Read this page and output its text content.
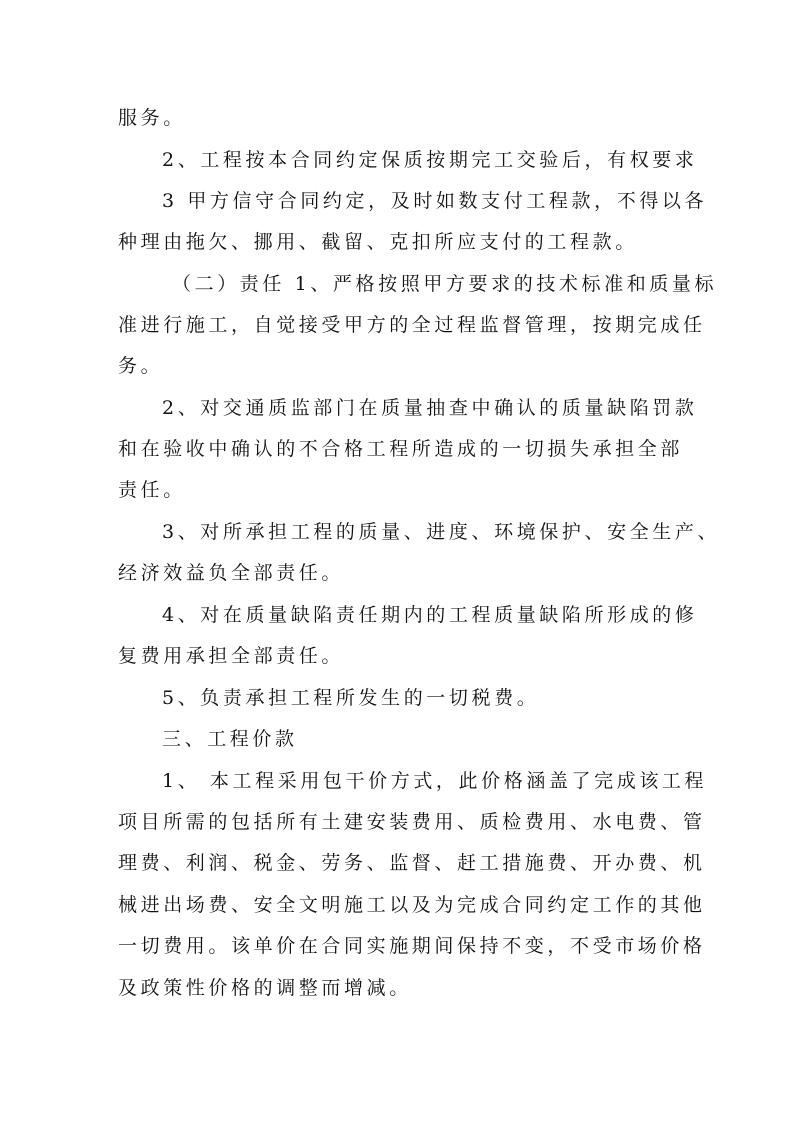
服务。
2、工程按本合同约定保质按期完工交验后，有权要求
3 甲方信守合同约定，及时如数支付工程款，不得以各
种理由拖欠、挪用、截留、克扣所应支付的工程款。
（二）责任 1、严格按照甲方要求的技术标准和质量标
准进行施工，自觉接受甲方的全过程监督管理，按期完成任
务。
2、对交通质监部门在质量抽查中确认的质量缺陷罚款
和在验收中确认的不合格工程所造成的一切损失承担全部
责任。
3、对所承担工程的质量、进度、环境保护、安全生产、
经济效益负全部责任。
4、对在质量缺陷责任期内的工程质量缺陷所形成的修
复费用承担全部责任。
5、负责承担工程所发生的一切税费。
三、工程价款
1、 本工程采用包干价方式，此价格涵盖了完成该工程
项目所需的包括所有土建安装费用、质检费用、水电费、管
理费、利润、税金、劳务、监督、赶工措施费、开办费、机
械进出场费、安全文明施工以及为完成合同约定工作的其他
一切费用。该单价在合同实施期间保持不变，不受市场价格
及政策性价格的调整而增减。
